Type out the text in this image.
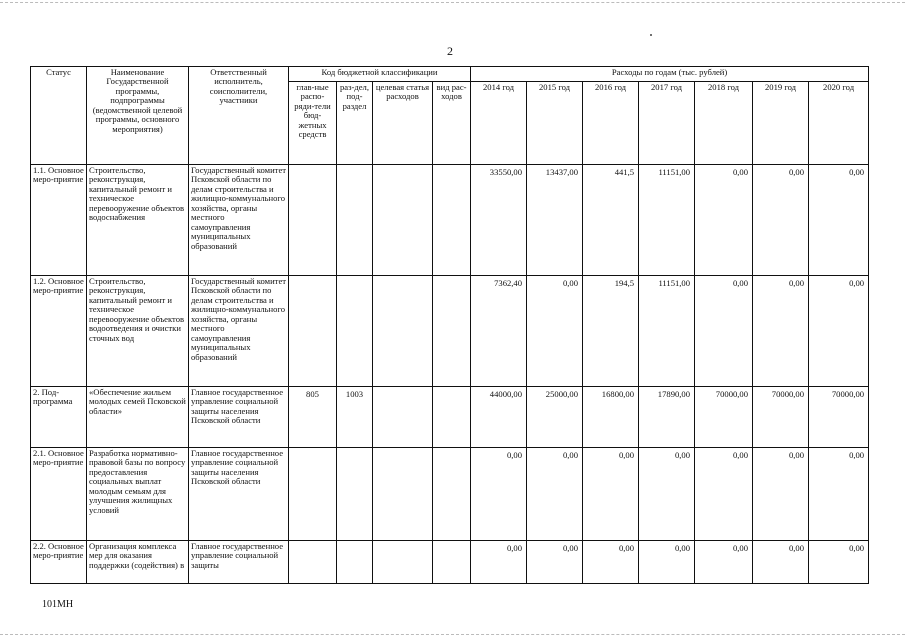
2
Статус	Наименование Государственной программы, подпрограммы (ведомственной целевой программы, основного мероприятия)	Ответственный исполнитель, соисполнители, участники	Код бюджетной классификации				Расходы по годам (тыс. рублей)						
			глав-ные распо-ряди-тели бюд-жетных средств	раз-дел, под-раздел	целевая статья расходов	вид рас-ходов	2014 год	2015 год	2016 год	2017 год	2018 год	2019 год	2020 год
1.1. Основное меро-приятие	Строительство, реконструкция, капитальный ремонт и техническое перевооружение объектов водоснабжения	Государственный комитет Псковской области по делам строительства и жилищно-коммунального хозяйства, органы местного самоуправления муниципальных образований					33550,00	13437,00	441,5	11151,00	0,00	0,00	0,00
1.2. Основное меро-приятие	Строительство, реконструкция, капитальный ремонт и техническое перевооружение объектов водоотведения и очистки сточных вод	Государственный комитет Псковской области по делам строительства и жилищно-коммунального хозяйства, органы местного самоуправления муниципальных образований					7362,40	0,00	194,5	11151,00	0,00	0,00	0,00
2. Под-программа	«Обеспечение жильем молодых семей Псковской области»	Главное государственное управление социальной защиты населения Псковской области	805	1003			44000,00	25000,00	16800,00	17890,00	70000,00	70000,00	70000,00
2.1. Основное меро-приятие	Разработка нормативно-правовой базы по вопросу предоставления социальных выплат молодым семьям для улучшения жилищных условий	Главное государственное управление социальной защиты населения Псковской области					0,00	0,00	0,00	0,00	0,00	0,00	0,00
2.2. Основное меро-приятие	Организация комплекса мер для оказания поддержки (содействия) в	Главное государственное управление социальной защиты					0,00	0,00	0,00	0,00	0,00	0,00	0,00
101МН
